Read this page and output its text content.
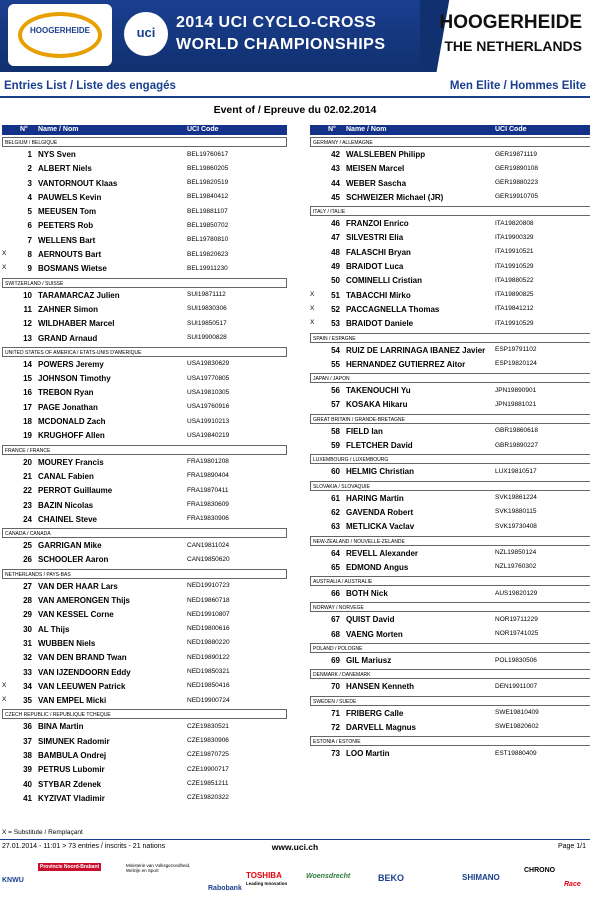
HOOGERHEIDE	uci
2014 UCI CYCLO-CROSS
WORLD CHAMPIONSHIPS
HOOGERHEIDE
THE NETHERLANDS
Entries List / Liste des engagés	Men Elite / Hommes Elite
Event of / Epreuve du 02.02.2014
N° Name / Nom	UCI Code
BELGIUM / BELGIQUE
1 NYS Sven	BEL19760617
2 ALBERT Niels	BEL19860205
3 VANTORNOUT Klaas	BEL19820519
4 PAUWELS Kevin	BEL19840412
5 MEEUSEN Tom	BEL19881107
6 PEETERS Rob	BEL19850702
7 WELLENS Bart	BEL19780810
X	8 AERNOUTS Bart	BEL19820623
X	9 BOSMANS Wietse	BEL19911230
SWITZERLAND / SUISSE
10 TARAMARCAZ Julien	SUI19871112
11 ZAHNER Simon	SUI19830306
12 WILDHABER Marcel	SUI19850517
13 GRAND Arnaud	SUI19900828
UNITED STATES OF AMERICA / ETATS-UNIS D'AMERIQUE
14 POWERS Jeremy	USA19830629
15 JOHNSON Timothy	USA19770805
16 TREBON Ryan	USA19810305
17 PAGE Jonathan	USA19760916
18 MCDONALD Zach	USA19910213
19 KRUGHOFF Allen	USA19840219
FRANCE / FRANCE
20 MOUREY Francis	FRA19801208
21 CANAL Fabien	FRA19890404
22 PERROT Guillaume	FRA19870411
23 BAZIN Nicolas	FRA19830609
24 CHAINEL Steve	FRA19830906
CANADA / CANADA
25 GARRIGAN Mike	CAN19811024
26 SCHOOLER Aaron	CAN19850620
NETHERLANDS / PAYS-BAS
27 VAN DER HAAR Lars	NED19910723
28 VAN AMERONGEN Thijs	NED19860718
29 VAN KESSEL Corne	NED19910807
30 AL Thijs	NED19800616
31 WUBBEN Niels	NED19880220
32 VAN DEN BRAND Twan	NED19890122
33 VAN IJZENDOORN Eddy	NED19850321
X	34 VAN LEEUWEN Patrick	NED19850416
X	35 VAN EMPEL Micki	NED19900724
CZECH REPUBLIC / REPUBLIQUE TCHEQUE
36 BINA Martin	CZE19830521
37 SIMUNEK Radomir	CZE19830906
38 BAMBULA Ondrej	CZE19870725
39 PETRUS Lubomir	CZE19900717
40 STYBAR Zdenek	CZE19851211
41 KYZIVAT Vladimir	CZE19820322
N° Name / Nom	UCI Code
GERMANY / ALLEMAGNE
42 WALSLEBEN Philipp	GER19871119
43 MEISEN Marcel	GER19890108
44 WEBER Sascha	GER19880223
45 SCHWEIZER Michael (JR)	GER19910705
ITALY / ITALIE
46 FRANZOI Enrico	ITA19820808
47 SILVESTRI Elia	ITA19900329
48 FALASCHI Bryan	ITA19910521
49 BRAIDOT Luca	ITA19910529
50 COMINELLI Cristian	ITA19880522
X	51 TABACCHI Mirko	ITA19890825
X	52 PACCAGNELLA Thomas	ITA19841212
X	53 BRAIDOT Daniele	ITA19910529
SPAIN / ESPAGNE
54 RUIZ DE LARRINAGA IBANEZ Javier ESP19791102
55 HERNANDEZ GUTIERREZ Aitor	ESP19820124
JAPAN / JAPON
56 TAKENOUCHI Yu	JPN19890901
57 KOSAKA Hikaru	JPN19881021
GREAT BRITAIN / GRANDE-BRETAGNE
58 FIELD Ian	GBR19860618
59 FLETCHER David	GBR19890227
LUXEMBOURG / LUXEMBOURG
60 HELMIG Christian	LUX19810517
SLOVAKIA / SLOVAQUIE
61 HARING Martin	SVK19861224
62 GAVENDA Robert	SVK19880115
63 METLICKA Vaclav	SVK19730408
NEW-ZEALAND / NOUVELLE-ZELANDE
64 REVELL Alexander	NZL19850124
65 EDMOND Angus	NZL19760302
AUSTRALIA / AUSTRALIE
66 BOTH Nick	AUS19820129
NORWAY / NORVEGE
67 QUIST David	NOR19711229
68 VAENG Morten	NOR19741025
POLAND / POLOGNE
69 GIL Mariusz	POL19830506
DENMARK / DANEMARK
70 HANSEN Kenneth	DEN19911007
SWEDEN / SUEDE
71 FRIBERG Calle	SWE19810409
72 DARVELL Magnus	SWE19820602
ESTONIA / ESTONIE
73 LOO Martin	EST19880409
X = Substitute / Remplaçant
27.01.2014 - 11:01 > 73 entries / inscrits - 21 nations	www.uci.ch	Page 1/1
KNWU
Provincie Noord-Brabant	Ministerie van Volksgezondheid, Welzijn en Sport
Rabobank
TOSHIBA
Leading Innovation
Woensdrecht	BEKO	SHIMANO
CHRONO
Race
